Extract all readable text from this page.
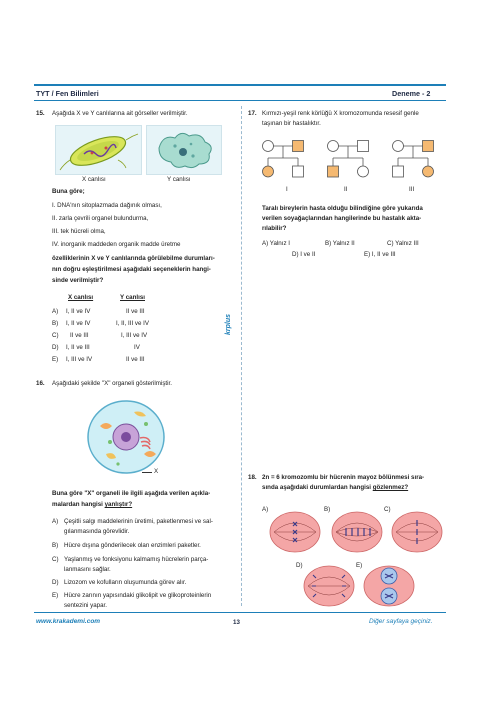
TYT / Fen Bilimleri	Deneme - 2
krplus
15. Aşağıda X ve Y canlılarına ait görseller verilmiştir.
X canlısı	Y canlısı
Buna göre;
I. DNA'nın sitoplazmada dağınık olması,
II. zarla çevrili organel bulundurma,
III. tek hücreli olma,
IV. inorganik maddeden organik madde üretme
özelliklerinin X ve Y canlılarında görülebilme durumları-
nın doğru eşleştirilmesi aşağıdaki seçeneklerin hangi-
sinde verilmiştir?
X canlısı	Y canlısı
A) I, II ve IV	II ve III
B) I, II ve IV	I, II, III ve IV
C) II ve III	I, III ve IV
D) I, II ve III	IV
E) I, III ve IV	II ve III
16. Aşağıdaki şekilde "X" organeli gösterilmiştir.
X
Buna göre "X" organeli ile ilgili aşağıda verilen açıkla-
malardan hangisi yanlıştır?
A) Çeşitli salgı maddelerinin üretimi, paketlenmesi ve sal-
gılanmasında görevlidir.
B) Hücre dışına gönderilecek olan enzimleri paketler.
C) Yaşlanmış ve fonksiyonu kalmamış hücrelerin parça-
lanmasını sağlar.
D) Lizozom ve kofulların oluşumunda görev alır.
E) Hücre zarının yapısındaki glikolipit ve glikoproteinlerin
sentezini yapar.
17. Kırmızı-yeşil renk körlüğü X kromozomunda resesif genle
taşınan bir hastalıktır.
I	II	III
Taralı bireylerin hasta olduğu bilindiğine göre yukarıda
verilen soyağaçlarından hangilerinde bu hastalık akta-
rılabilir?
A) Yalnız I	B) Yalnız II	C) Yalnız III
D) I ve II	E) I, II ve III
18. 2n = 6 kromozomlu bir hücrenin mayoz bölünmesi sıra-
sında aşağıdaki durumlardan hangisi gözlenmez?
A)	B)	C)
D)	E)
www.krakademi.com	13	Diğer sayfaya geçiniz.
